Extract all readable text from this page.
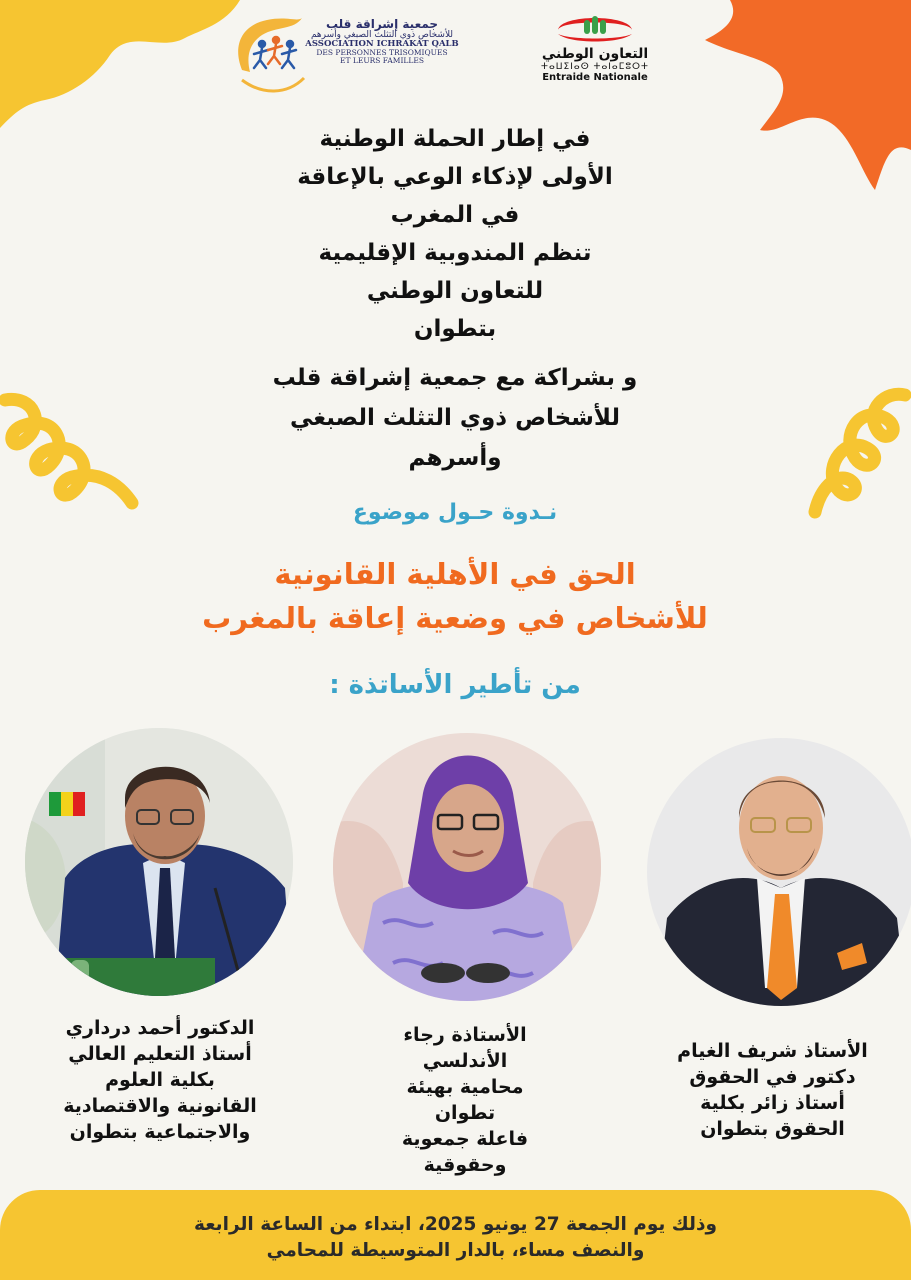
جمعية إشراقة قلب
للأشخاص ذوي التثلث الصبغي وأسرهم
ASSOCIATION ICHRAKAT QALB
DES PERSONNES TRISOMIQUES
ET LEURS FAMILLES	التعاون الوطني
ⵜⴰⵡⵉⵏⴰⵙ ⵜⴰⵏⴰⵎⵓⵔⵜ
Entraide Nationale
في إطار الحملة الوطنية
الأولى لإذكاء الوعي بالإعاقة
في المغرب
تنظم المندوبية الإقليمية
للتعاون الوطني
بتطوان
و بشراكة مع جمعية إشراقة قلب
للأشخاص ذوي التثلث الصبغي
وأسرهم
نـدوة حـول موضوع
الحق في الأهلية القانونية
للأشخاص في وضعية إعاقة بالمغرب
من تأطير الأساتذة :
الدكتور أحمد درداري
أستاذ التعليم العالي
بكلية العلوم
القانونية والاقتصادية
والاجتماعية بتطوان
الأستاذة رجاء
الأندلسي
محامية بهيئة
تطوان
فاعلة جمعوية
وحقوقية
الأستاذ شريف الغيام
دكتور في الحقوق
أستاذ زائر بكلية
الحقوق بتطوان
وذلك يوم الجمعة 27 يونيو 2025، ابتداء من الساعة الرابعة
والنصف مساء، بالدار المتوسيطة للمحامي
